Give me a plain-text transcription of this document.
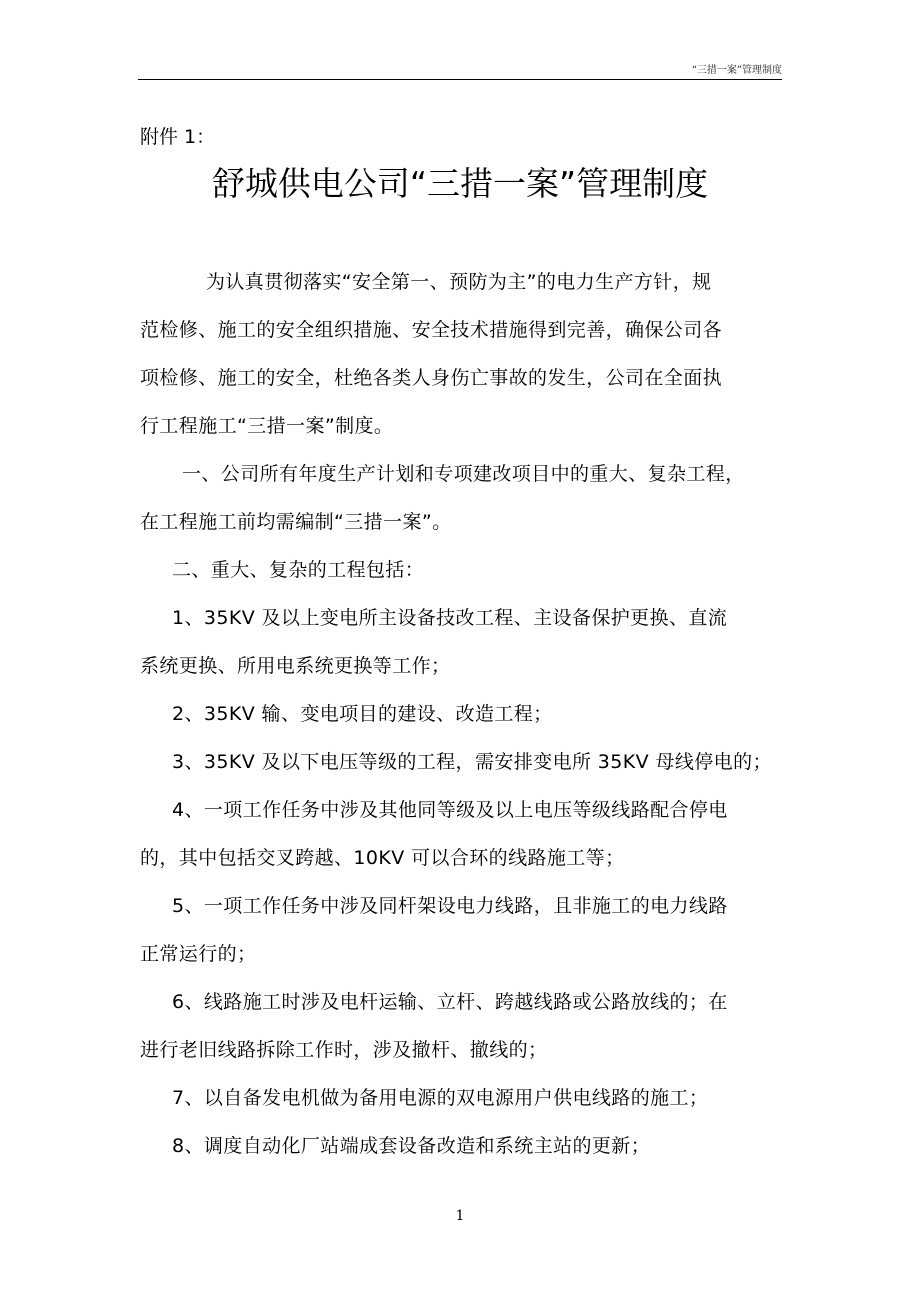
“三措一案”管理制度
附件 1：
舒城供电公司“三措一案”管理制度
为认真贯彻落实“安全第一、预防为主”的电力生产方针，规
范检修、施工的安全组织措施、安全技术措施得到完善，确保公司各
项检修、施工的安全，杜绝各类人身伤亡事故的发生，公司在全面执
行工程施工“三措一案”制度。
一、公司所有年度生产计划和专项建改项目中的重大、复杂工程，
在工程施工前均需编制“三措一案”。
二、重大、复杂的工程包括：
1、35KV 及以上变电所主设备技改工程、主设备保护更换、直流
系统更换、所用电系统更换等工作；
2、35KV 输、变电项目的建设、改造工程；
3、35KV 及以下电压等级的工程，需安排变电所 35KV 母线停电的；
4、一项工作任务中涉及其他同等级及以上电压等级线路配合停电
的，其中包括交叉跨越、10KV 可以合环的线路施工等；
5、一项工作任务中涉及同杆架设电力线路，且非施工的电力线路
正常运行的；
6、线路施工时涉及电杆运输、立杆、跨越线路或公路放线的；在
进行老旧线路拆除工作时，涉及撤杆、撤线的；
7、以自备发电机做为备用电源的双电源用户供电线路的施工；
8、调度自动化厂站端成套设备改造和系统主站的更新；
1
